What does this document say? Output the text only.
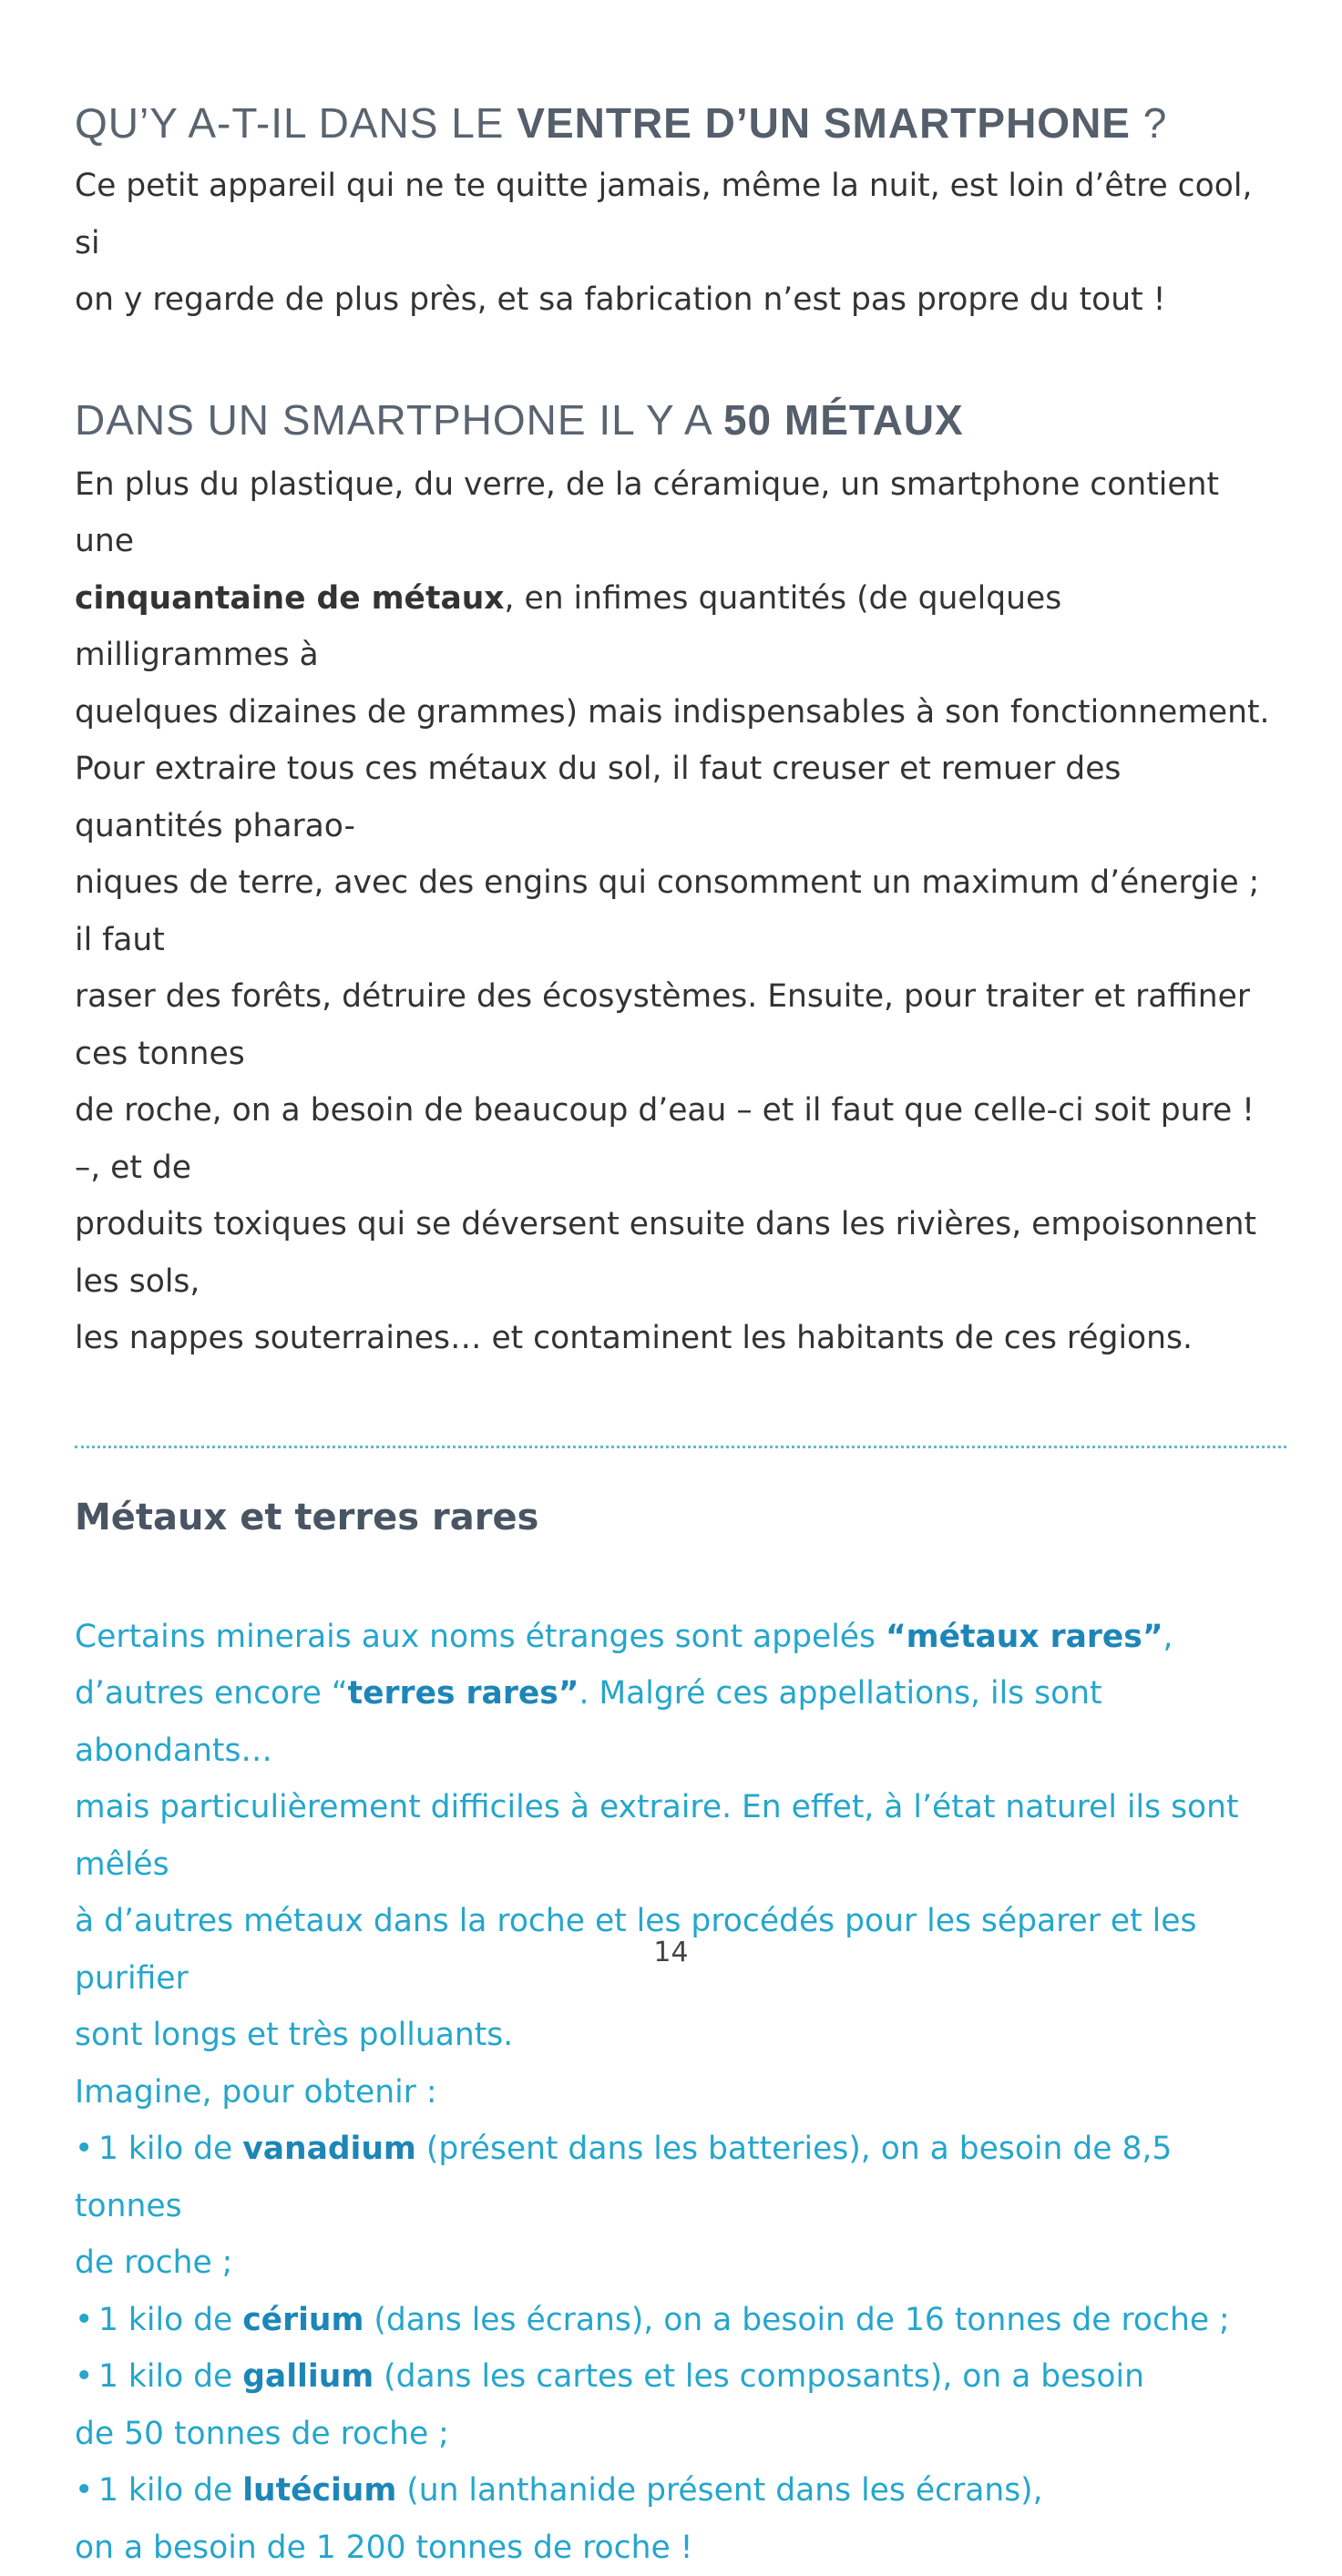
QU’Y A-T-IL DANS LE VENTRE D’UN SMARTPHONE ?
Ce petit appareil qui ne te quitte jamais, même la nuit, est loin d’être cool, si
on y regarde de plus près, et sa fabrication n’est pas propre du tout !
DANS UN SMARTPHONE IL Y A 50 MÉTAUX
En plus du plastique, du verre, de la céramique, un smartphone contient une
cinquantaine de métaux, en infimes quantités (de quelques milligrammes à
quelques dizaines de grammes) mais indispensables à son fonctionnement.
Pour extraire tous ces métaux du sol, il faut creuser et remuer des quantités pharao-
niques de terre, avec des engins qui consomment un maximum d’énergie ; il faut
raser des forêts, détruire des écosystèmes. Ensuite, pour traiter et raffiner ces tonnes
de roche, on a besoin de beaucoup d’eau – et il faut que celle-ci soit pure ! –, et de
produits toxiques qui se déversent ensuite dans les rivières, empoisonnent les sols,
les nappes souterraines… et contaminent les habitants de ces régions.
Métaux et terres rares
Certains minerais aux noms étranges sont appelés “métaux rares”,
d’autres encore “terres rares”. Malgré ces appellations, ils sont abondants…
mais particulièrement difficiles à extraire. En effet, à l’état naturel ils sont mêlés
à d’autres métaux dans la roche et les procédés pour les séparer et les purifier
sont longs et très polluants.
Imagine, pour obtenir :
• 1 kilo de vanadium (présent dans les batteries), on a besoin de 8,5 tonnes
de roche ;
• 1 kilo de cérium (dans les écrans), on a besoin de 16 tonnes de roche ;
• 1 kilo de gallium (dans les cartes et les composants), on a besoin
de 50 tonnes de roche ;
• 1 kilo de lutécium (un lanthanide présent dans les écrans),
on a besoin de 1 200 tonnes de roche !
14
